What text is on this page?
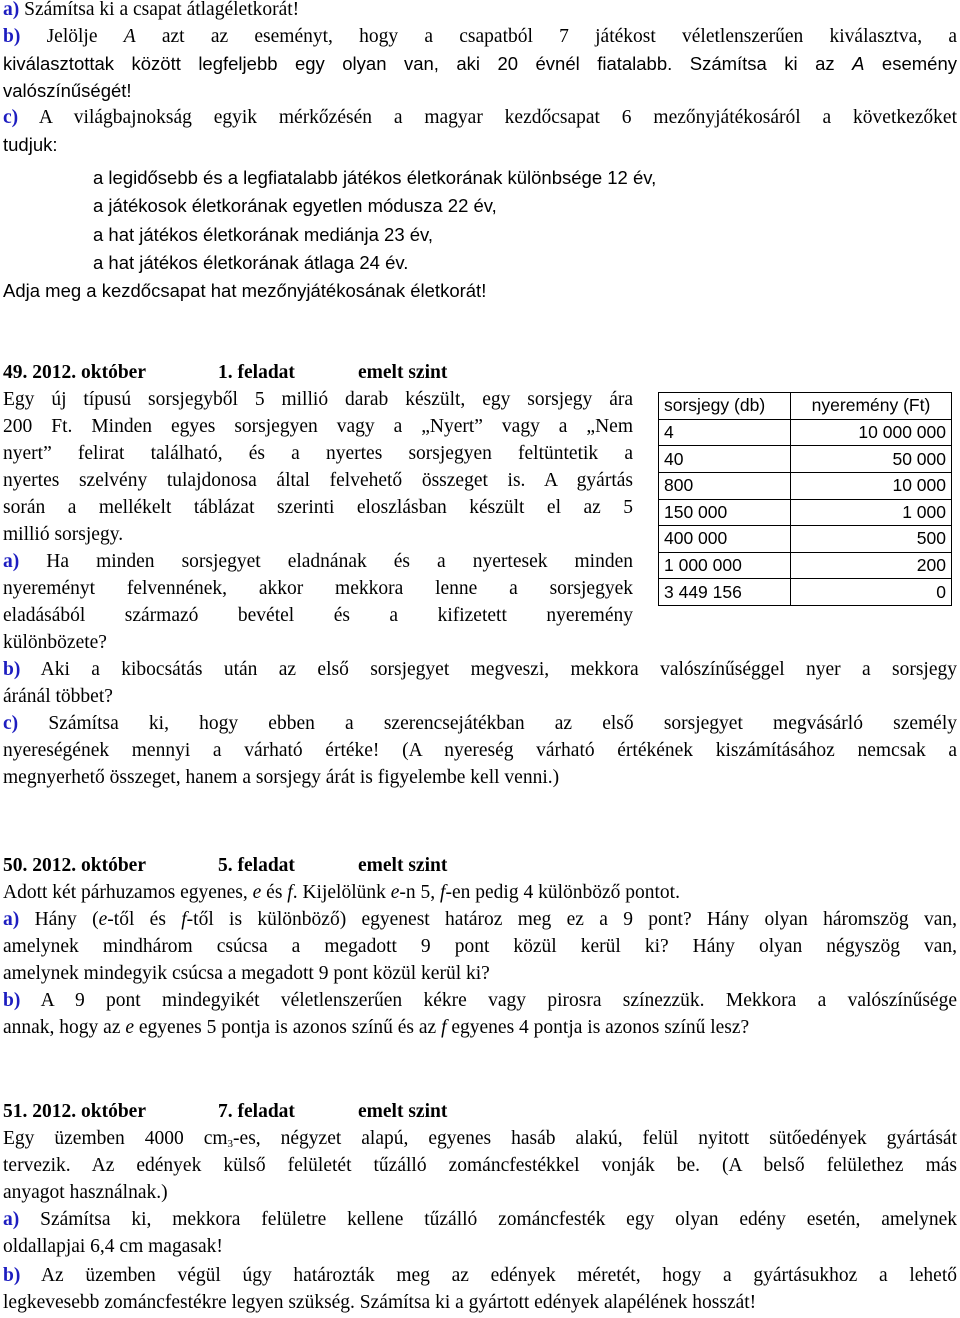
a) Számítsa ki a csapat átlagéletkorát!
b) Jelölje A azt az eseményt, hogy a csapatból 7 játékost véletlenszerűen kiválasztva, a
kiválasztottak között legfeljebb egy olyan van, aki 20 évnél fiatalabb. Számítsa ki az A esemény
valószínűségét!
c) A világbajnokság egyik mérkőzésén a magyar kezdőcsapat 6 mezőnyjátékosáról a következőket
tudjuk:
a legidősebb és a legfiatalabb játékos életkorának különbsége 12 év,
a játékosok életkorának egyetlen módusza 22 év,
a hat játékos életkorának mediánja 23 év,
a hat játékos életkorának átlaga 24 év.
Adja meg a kezdőcsapat hat mezőnyjátékosának életkorát!
49. 2012. október	1. feladat	emelt szint
Egy új típusú sorsjegyből 5 millió darab készült, egy sorsjegy ára
200 Ft. Minden egyes sorsjegyen vagy a „Nyert” vagy a „Nem
nyert” felirat található, és a nyertes sorsjegyen feltüntetik a
nyertes szelvény tulajdonosa által felvehető összeget is. A gyártás
során a mellékelt táblázat szerinti eloszlásban készült el az 5
millió sorsjegy.
a) Ha minden sorsjegyet eladnának és a nyertesek minden
nyereményt felvennének, akkor mekkora lenne a sorsjegyek
eladásából származó bevétel és a kifizetett nyeremény
különbözete?
b) Aki a kibocsátás után az első sorsjegyet megveszi, mekkora valószínűséggel nyer a sorsjegy
áránál többet?
c) Számítsa ki, hogy ebben a szerencsejátékban az első sorsjegyet megvásárló személy
nyereségének mennyi a várható értéke! (A nyereség várható értékének kiszámításához nemcsak a
megnyerhető összeget, hanem a sorsjegy árát is figyelembe kell venni.)
sorsjegy (db)	nyeremény (Ft)
4	10 000 000
40	50 000
800	10 000
150 000	1 000
400 000	500
1 000 000	200
3 449 156	0
50. 2012. október	5. feladat	emelt szint
Adott két párhuzamos egyenes, e és f. Kijelölünk e-n 5, f-en pedig 4 különböző pontot.
a) Hány (e-től és f-től is különböző) egyenest határoz meg ez a 9 pont? Hány olyan háromszög van,
amelynek mindhárom csúcsa a megadott 9 pont közül kerül ki? Hány olyan négyszög van,
amelynek mindegyik csúcsa a megadott 9 pont közül kerül ki?
b) A 9 pont mindegyikét véletlenszerűen kékre vagy pirosra színezzük. Mekkora a valószínűsége
annak, hogy az e egyenes 5 pontja is azonos színű és az f egyenes 4 pontja is azonos színű lesz?
51. 2012. október	7. feladat	emelt szint
Egy üzemben 4000 $cm^3-es$, négyzet alapú, egyenes hasáb alakú, felül nyitott sütőedények gyártását
tervezik. Az edények külső felületét tűzálló zománcfestékkel vonják be. (A belső felülethez más
anyagot használnak.)
a) Számítsa ki, mekkora felületre kellene tűzálló zománcfesték egy olyan edény esetén, amelynek
oldallapjai 6,4 cm magasak!
b) Az üzemben végül úgy határozták meg az edények méretét, hogy a gyártásukhoz a lehető
legkevesebb zománcfestékre legyen szükség. Számítsa ki a gyártott edények alapélének hosszát!
